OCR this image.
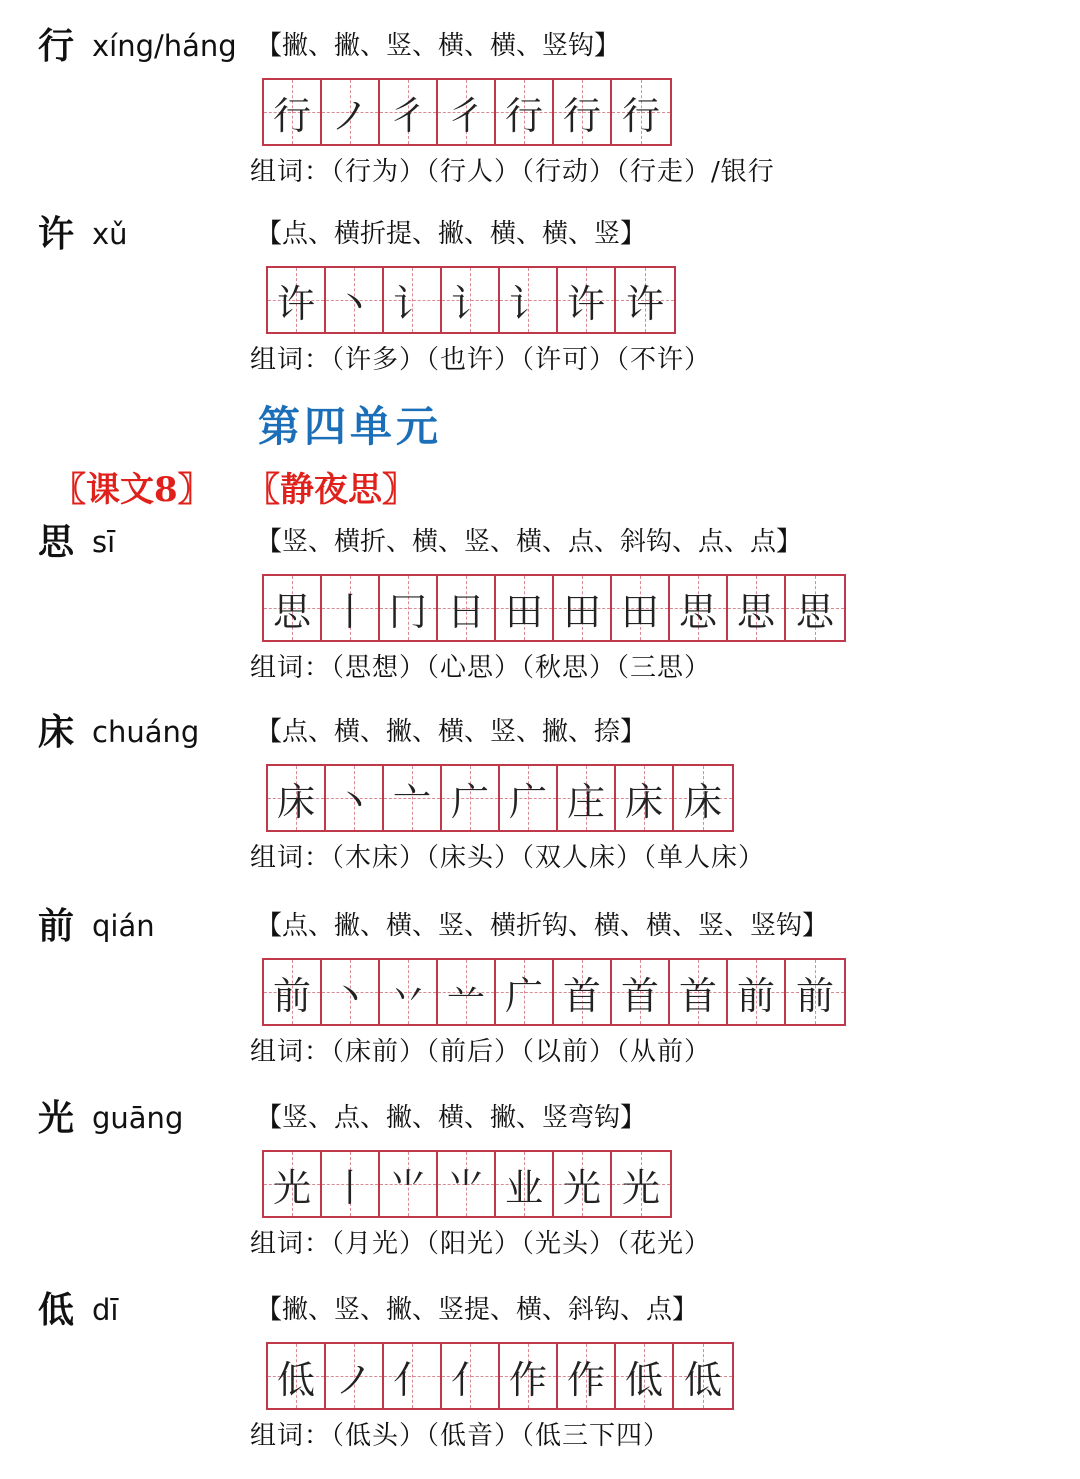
行 xíng/háng 【撇、撇、竖、横、横、竖钩】
行 ノ 彳 彳 行 行 行
组词：（行为）（行人）（行动）（行走）/银行
许 xǔ	【点、横折提、撇、横、横、竖】
许 丶 讠 讠 讠 许 许
组词：（许多）（也许）（许可）（不许）
第四单元
〖课文8〗 〖静夜思〗
思 sī	【竖、横折、横、竖、横、点、斜钩、点、点】
思 丨 冂 日 田 田 田 思 思 思
组词：（思想）（心思）（秋思）（三思）
床 chuáng 【点、横、撇、横、竖、撇、捺】
床 丶 亠 广 广 庄 床 床
组词：（木床）（床头）（双人床）（单人床）
前 qián	【点、撇、横、竖、横折钩、横、横、竖、竖钩】
前 丶 丷 䒑 广 首 首 首 前 前
组词：（床前）（前后）（以前）（从前）
光 guāng	【竖、点、撇、横、撇、竖弯钩】
光 丨 ⺌ ⺌ 业 光 光
组词：（月光）（阳光）（光头）（花光）
低 dī	【撇、竖、撇、竖提、横、斜钩、点】
低 ノ 亻 亻 作 作 低 低
组词：（低头）（低音）（低三下四）
